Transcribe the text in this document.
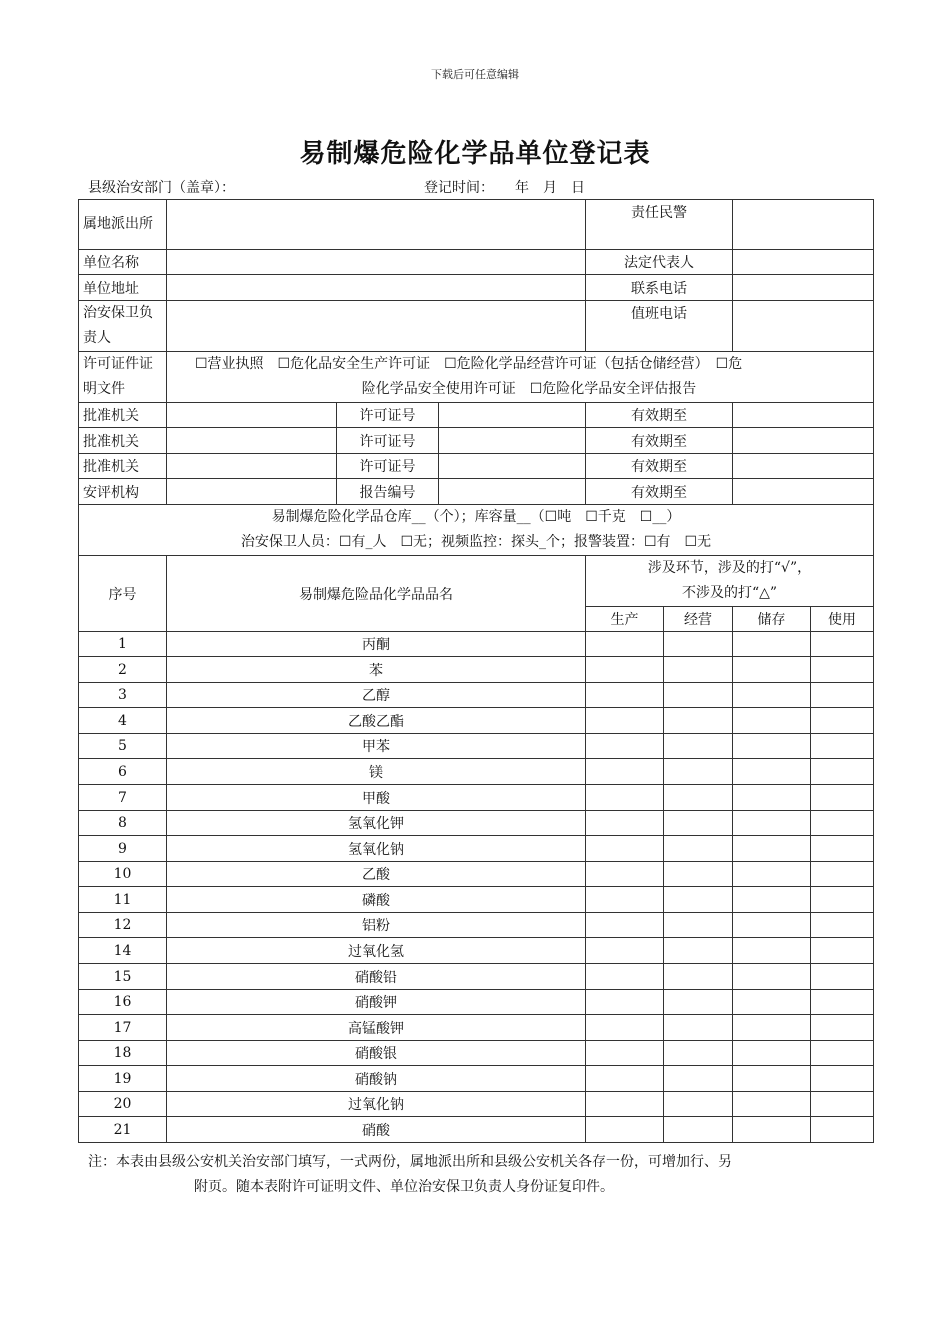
下载后可任意编辑
易制爆危险化学品单位登记表
县级治安部门（盖章）：	登记时间：　　年　月　日
属地派出所				责任民警			
单位名称				法定代表人			
单位地址				联系电话			
治安保卫负责人				值班电话			
许可证件证明文件	☐营业执照　☐危化品安全生产许可证　☐危险化学品经营许可证（包括仓储经营）　☐危
险化学品安全使用许可证　☐危险化学品安全评估报告						

批准机关		许可证号		有效期至			
批准机关		许可证号		有效期至			
批准机关		许可证号		有效期至			
安评机构		报告编号		有效期至			

易制爆危险化学品仓库__（个）；库容量__（☐吨　☐千克　☐__）
治安保卫人员：☐有_人　☐无；视频监控：探头_个；报警装置：☐有　☐无							

序号	易制爆危险品化学品品名			涉及环节，涉及的打“√”，
不涉及的打“△”			

				生产	经营	储存	使用
1	丙酮						
2	苯						
3	乙醇						
4	乙酸乙酯						
5	甲苯						
6	镁						
7	甲酸						
8	氢氧化钾						
9	氢氧化钠						
10	乙酸						
11	磷酸						
12	铝粉						
14	过氧化氢						
15	硝酸铅						
16	硝酸钾						
17	高锰酸钾						
18	硝酸银						
19	硝酸钠						
20	过氧化钠						
21	硝酸						
注：本表由县级公安机关治安部门填写，一式两份，属地派出所和县级公安机关各存一份，可增加行、另
附页。随本表附许可证明文件、单位治安保卫负责人身份证复印件。
